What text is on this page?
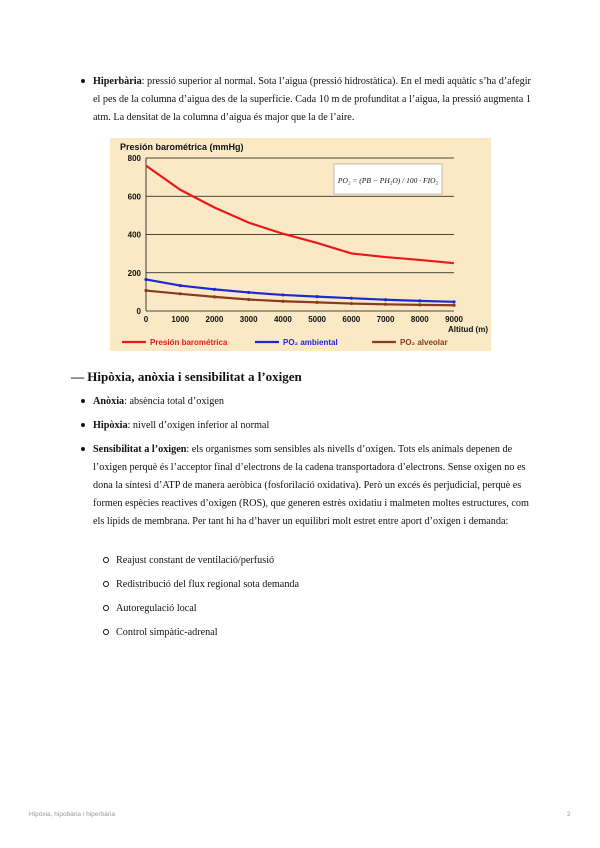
Hiperbària: pressió superior al normal. Sota l’aigua (pressió hidrostàtica). En el medi aquàtic s’ha d’afegir el pes de la columna d’aigua des de la superfície. Cada 10 m de profunditat a l’aigua, la pressió augmenta 1 atm. La densitat de la columna d’aigua és major que la de l’aire.

Presión barométrica (mmHg)
0
200
400
600
800
0	1000 2000 3000 4000 5000 6000 7000 8000 9000
Altitud (m)
PO₂ = (PB − PH₂O) / 100 · FIO₂
Presión barométrica	PO₂ ambiental	PO₂ alveolar
— Hipòxia, anòxia i sensibilitat a l’oxigen

Anòxia: absència total d’oxigen

Hipòxia: nivell d’oxigen inferior al normal

Sensibilitat a l’oxigen: els organismes som sensibles als nivells d’oxigen. Tots els animals depenen de l’oxigen perquè és l’acceptor final d’electrons de la cadena transportadora d’electrons. Sense oxigen no es dona la síntesi d’ATP de manera aeròbica (fosforilació oxidativa). Però un excés és perjudicial, perquè es formen espècies reactives d’oxigen (ROS), que generen estrès oxidatiu i malmeten moltes estructures, com els lípids de membrana. Per tant hi ha d’haver un equilibri molt estret entre aport d’oxigen i demanda:

Reajust constant de ventilació/perfusió

Redistribució del flux regional sota demanda

Autoregulació local

Control simpàtic-adrenal

Hipòxia, hipobària i hiperbària	2
